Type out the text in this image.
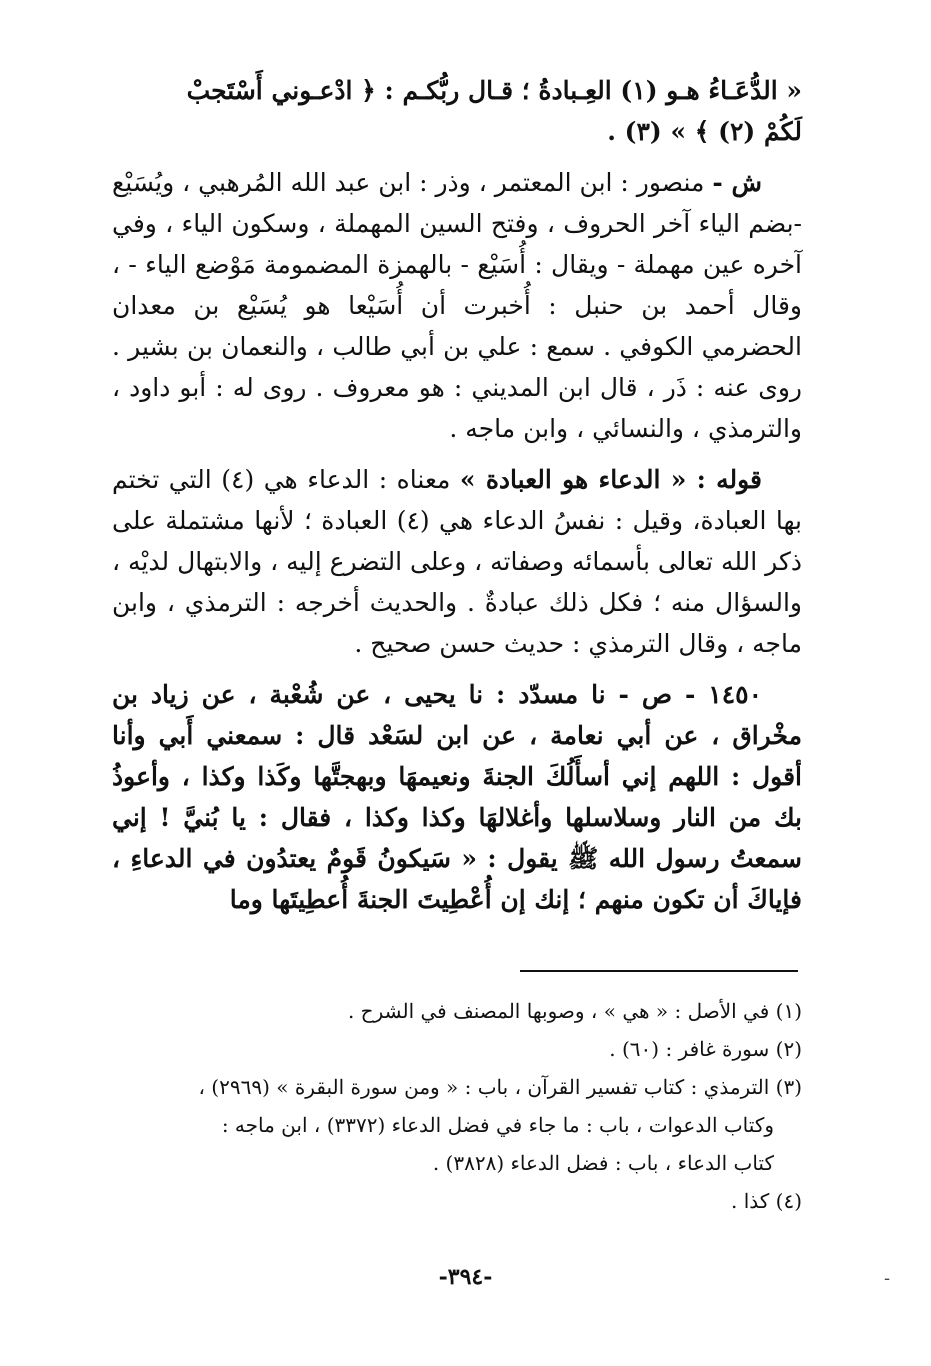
« الدُّعَـاءُ هـو (١) العِـبادةُ ؛ قـال ربُّكـم : ﴿ ادْعـوني أَسْتَجبْ

لَكُمْ (٢) ﴾ » (٣) .

ش - منصور : ابن المعتمر ، وذر : ابن عبد الله المُرهبي ، ويُسَيْع -بضم الياء آخر الحروف ، وفتح السين المهملة ، وسكون الياء ، وفي آخره عين مهملة - ويقال : أُسَيْع - بالهمزة المضمومة مَوْضع الياء - ، وقال أحمد بن حنبل : أُخبرت أن أُسَيْعا هو يُسَيْع بن معدان الحضرمي الكوفي . سمع : علي بن أبي طالب ، والنعمان بن بشير . روى عنه : ذَر ، قال ابن المديني : هو معروف . روى له : أبو داود ، والترمذي ، والنسائي ، وابن ماجه .
قوله : « الدعاء هو العبادة » معناه : الدعاء هي (٤) التي تختم بها العبادة، وقيل : نفسُ الدعاء هي (٤) العبادة ؛ لأنها مشتملة على ذكر الله تعالى بأسمائه وصفاته ، وعلى التضرع إليه ، والابتهال لديْه ، والسؤال منه ؛ فكل ذلك عبادةٌ . والحديث أخرجه : الترمذي ، وابن ماجه ، وقال الترمذي : حديث حسن صحيح .
١٤٥٠ - ص - نا مسدّد : نا يحيى ، عن شُعْبة ، عن زياد بن مخْراق ، عن أبي نعامة ، عن ابن لسَعْد قال : سمعني أَبي وأنا أقول : اللهم إني أسأَلُكَ الجنةَ ونعيمهَا وبهجتَّها وكَذا وكذا ، وأعوذُ بك من النار وسلاسلها وأغلالهَا وكذا وكذا ، فقال : يا بُنيَّ ! إني سمعتُ رسول الله ﷺ يقول : « سَيكونُ قَومٌ يعتدُون في الدعاءِ ، فإياكَ أن تكون منهم ؛ إنك إن أُعْطِيتَ الجنةَ أُعطِيتَها وما

(١) في الأصل : « هي » ، وصوبها المصنف في الشرح .

(٢) سورة غافر : (٦٠) .

(٣) الترمذي : كتاب تفسير القرآن ، باب : « ومن سورة البقرة » (٢٩٦٩) ،

وكتاب الدعوات ، باب : ما جاء في فضل الدعاء (٣٣٧٢) ، ابن ماجه :

كتاب الدعاء ، باب : فضل الدعاء (٣٨٢٨) .

(٤) كذا .

-٣٩٤-	-
